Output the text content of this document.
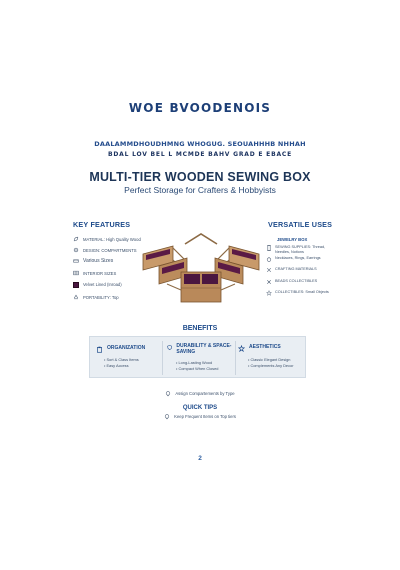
WOE BVOODENOIS
DAALAMMDHOUDHMNG WHOGUG. SEOUAHHHB NHHAH
BDAL LOV BEL L MCMDE BAHV GRAD E EBACE
MULTI-TIER WOODEN SEWING BOX
Perfect Storage for Crafters & Hobbyists
KEY FEATURES
MATERIAL: High Quality Wood
DESIGN: COMPARTMENTS
Various Sizes
INTERIOR SIZES
Velvet Lined (Inroad)
PORTABILITY: Top
VERSATILE USES
JEWELRY BOX
SEWING SUPPLIES: Thread, Needles, Notions
Necklaces, Rings, Earrings
CRAFTING MATERIALS
BEADS COLLECTIBLES
COLLECTIBLES: Small Objects
BENEFITS
ORGANIZATION
• Sort & Class Items
• Easy Access
DURABILITY & SPACE-SAVING
• Long-Lasting Wood
• Compact When Closed
AESTHETICS
• Classic Elegant Design
• Complements Any Decor
Assign Compartements by Type
QUICK TIPS
Keep Frequent Items on Top tiers
2
